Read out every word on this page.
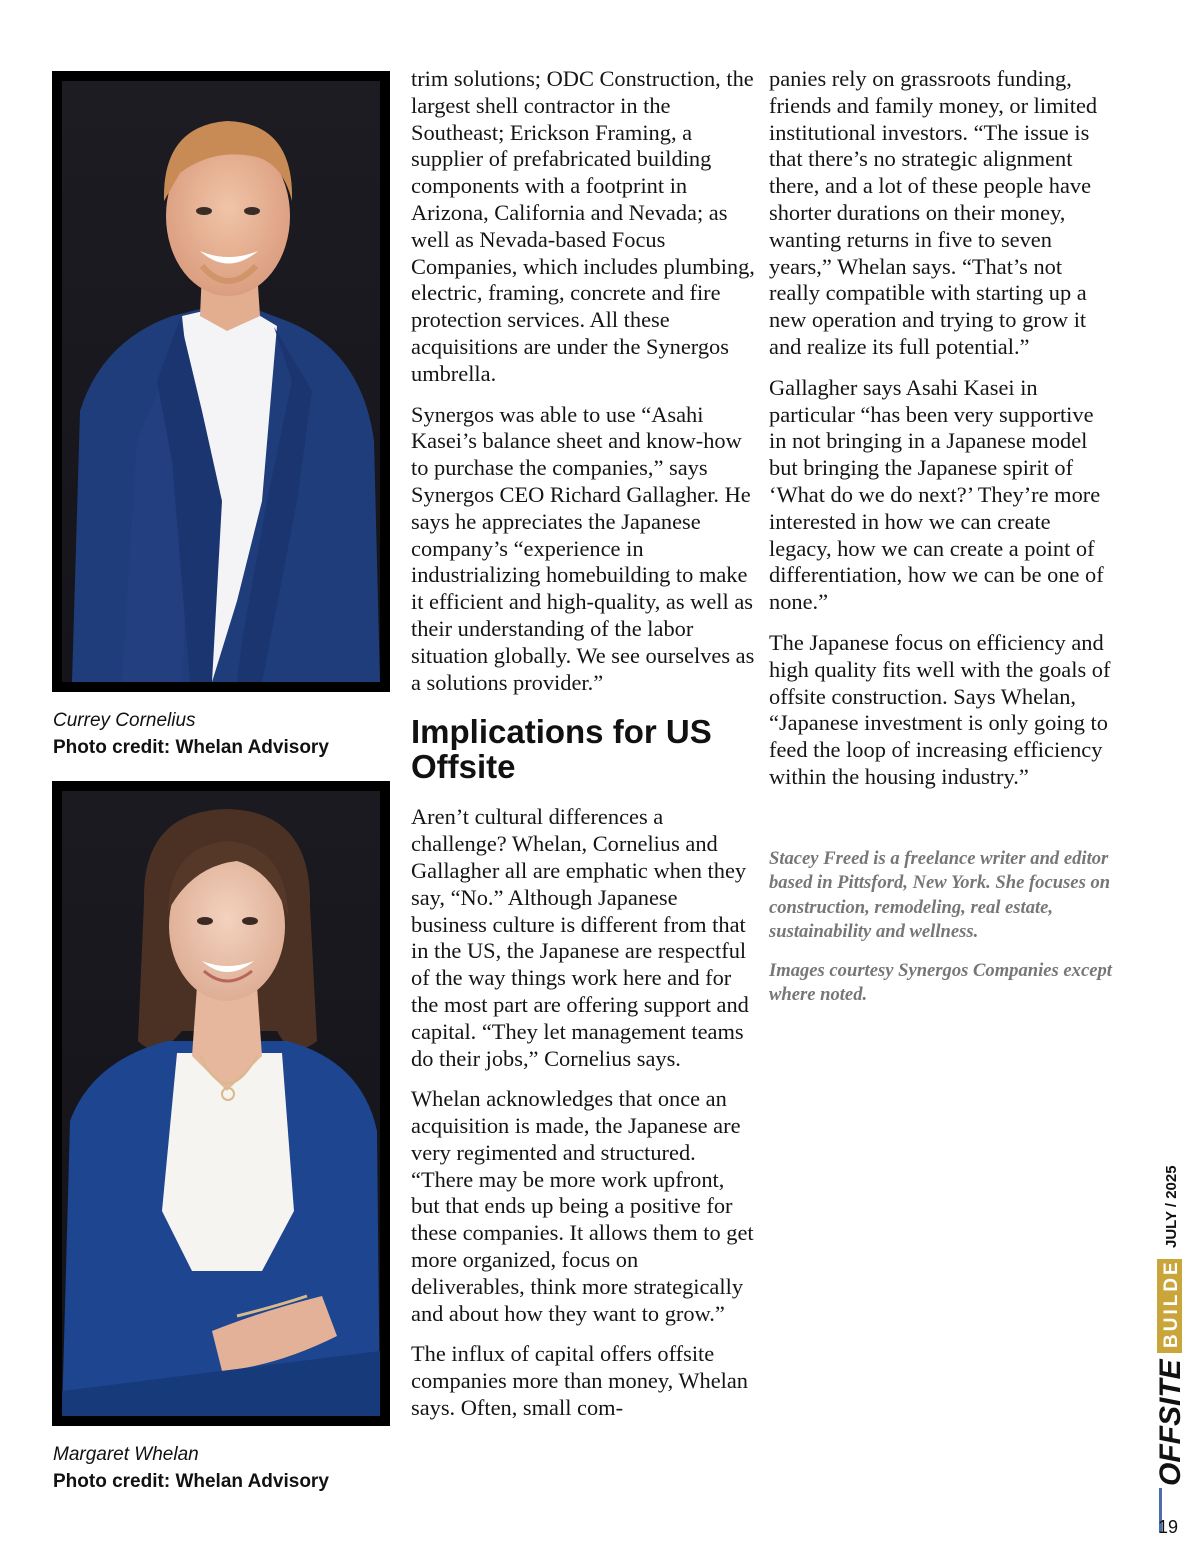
Currey Cornelius
Photo credit: Whelan Advisory
Margaret Whelan
Photo credit: Whelan Advisory

trim solutions; ODC Construction, the largest shell contractor in the Southeast; Erickson Framing, a supplier of prefabricated building components with a footprint in Arizona, California and Nevada; as well as Nevada-based Focus Companies, which includes plumbing, electric, framing, concrete and fire protection services. All these acquisitions are under the Synergos umbrella.

Synergos was able to use “Asahi Kasei’s balance sheet and know-how to purchase the companies,” says Synergos CEO Richard Gallagher. He says he appreciates the Japanese company’s “experience in industrializing homebuilding to make it efficient and high-quality, as well as their understanding of the labor situation globally. We see ourselves as a solutions provider.”

Implications for US Offsite

Aren’t cultural differences a challenge? Whelan, Cornelius and Gallagher all are emphatic when they say, “No.” Although Japanese business culture is different from that in the US, the Japanese are respectful of the way things work here and for the most part are offering support and capital. “They let management teams do their jobs,” Cornelius says.

Whelan acknowledges that once an acquisition is made, the Japanese are very regimented and structured. “There may be more work upfront, but that ends up being a positive for these companies. It allows them to get more organized, focus on deliverables, think more strategically and about how they want to grow.”

The influx of capital offers offsite companies more than money, Whelan says. Often, small com-

panies rely on grassroots funding, friends and family money, or limited institutional investors. “The issue is that there’s no strategic alignment there, and a lot of these people have shorter durations on their money, wanting returns in five to seven years,” Whelan says. “That’s not really compatible with starting up a new operation and trying to grow it and realize its full potential.”

Gallagher says Asahi Kasei in particular “has been very supportive in not bringing in a Japanese model but bringing the Japanese spirit of ‘What do we do next?’ They’re more interested in how we can create legacy, how we can create a point of differentiation, how we can be one of none.”

The Japanese focus on efficiency and high quality fits well with the goals of offsite construction. Says Whelan, “Japanese investment is only going to feed the loop of increasing efficiency within the housing industry.”

Stacey Freed is a freelance writer and editor based in Pittsford, New York. She focuses on construction, remodeling, real estate, sustainability and wellness.

Images courtesy Synergos Companies except where noted.

OFFSITE
BUILDER
JULY / 2025
19
